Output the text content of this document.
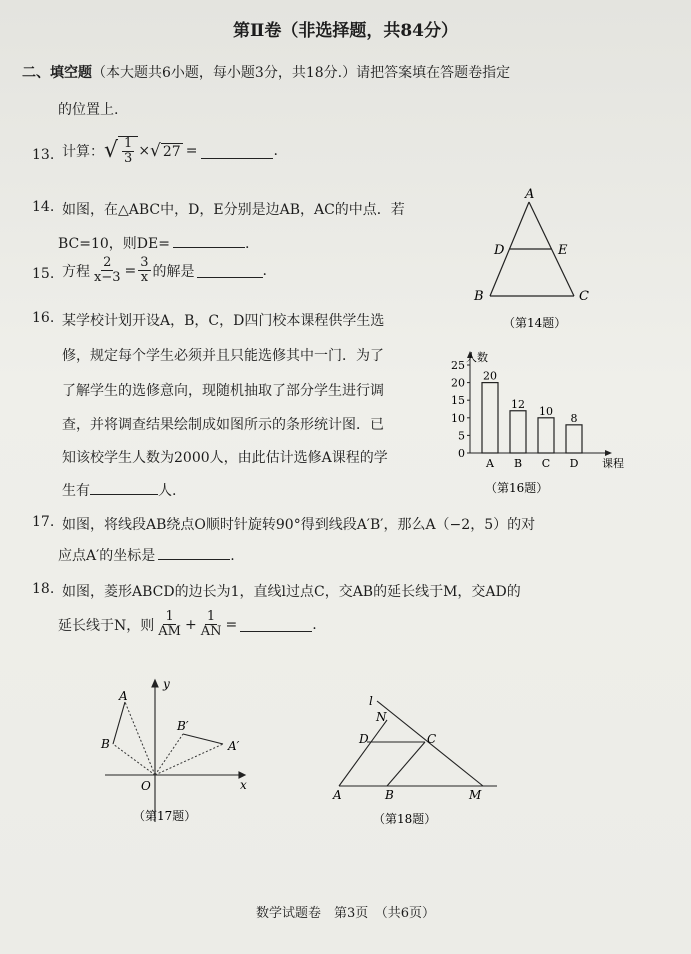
第Ⅱ卷（非选择题，共84分）
二、填空题（本大题共6小题，每小题3分，共18分.）请把答案填在答题卷指定
的位置上.
13. 计算： √ $\frac{1}{3}$ × √ 27 =	.
14. 如图，在△ABC中，D，E分别是边AB，AC的中点．若
BC=10，则DE=	.
15. 方程 $\frac{2}{x-3} = \frac{3}{x}$ 的解是	.
A
D	E
B	C
（第14题）
16. 某学校计划开设A，B，C，D四门校本课程供学生选
修，规定每个学生必须并且只能选修其中一门．为了
了解学生的选修意向，现随机抽取了部分学生进行调
查，并将调查结果绘制成如图所示的条形统计图．已
知该校学生人数为2000人，由此估计选修A课程的学
生有	人.
人数
课程
0
5
10
15
20
25
20
A
12
B
10
C
8
D
（第16题）
17. 如图，将线段AB绕点O顺时针旋转90°得到线段A′B′，那么A（−2，5）的对
应点A′的坐标是	.
18. 如图，菱形ABCD的边长为1，直线l过点C，交AB的延长线于M，交AD的
延长线于N，则 $\frac{1}{AM} + \frac{1}{AN}$ =	.
A
B
B′
A′
O	x
y
（第17题）
l
N
D	C
A	B	M
（第18题）
数学试题卷　第3页　（共6页）
